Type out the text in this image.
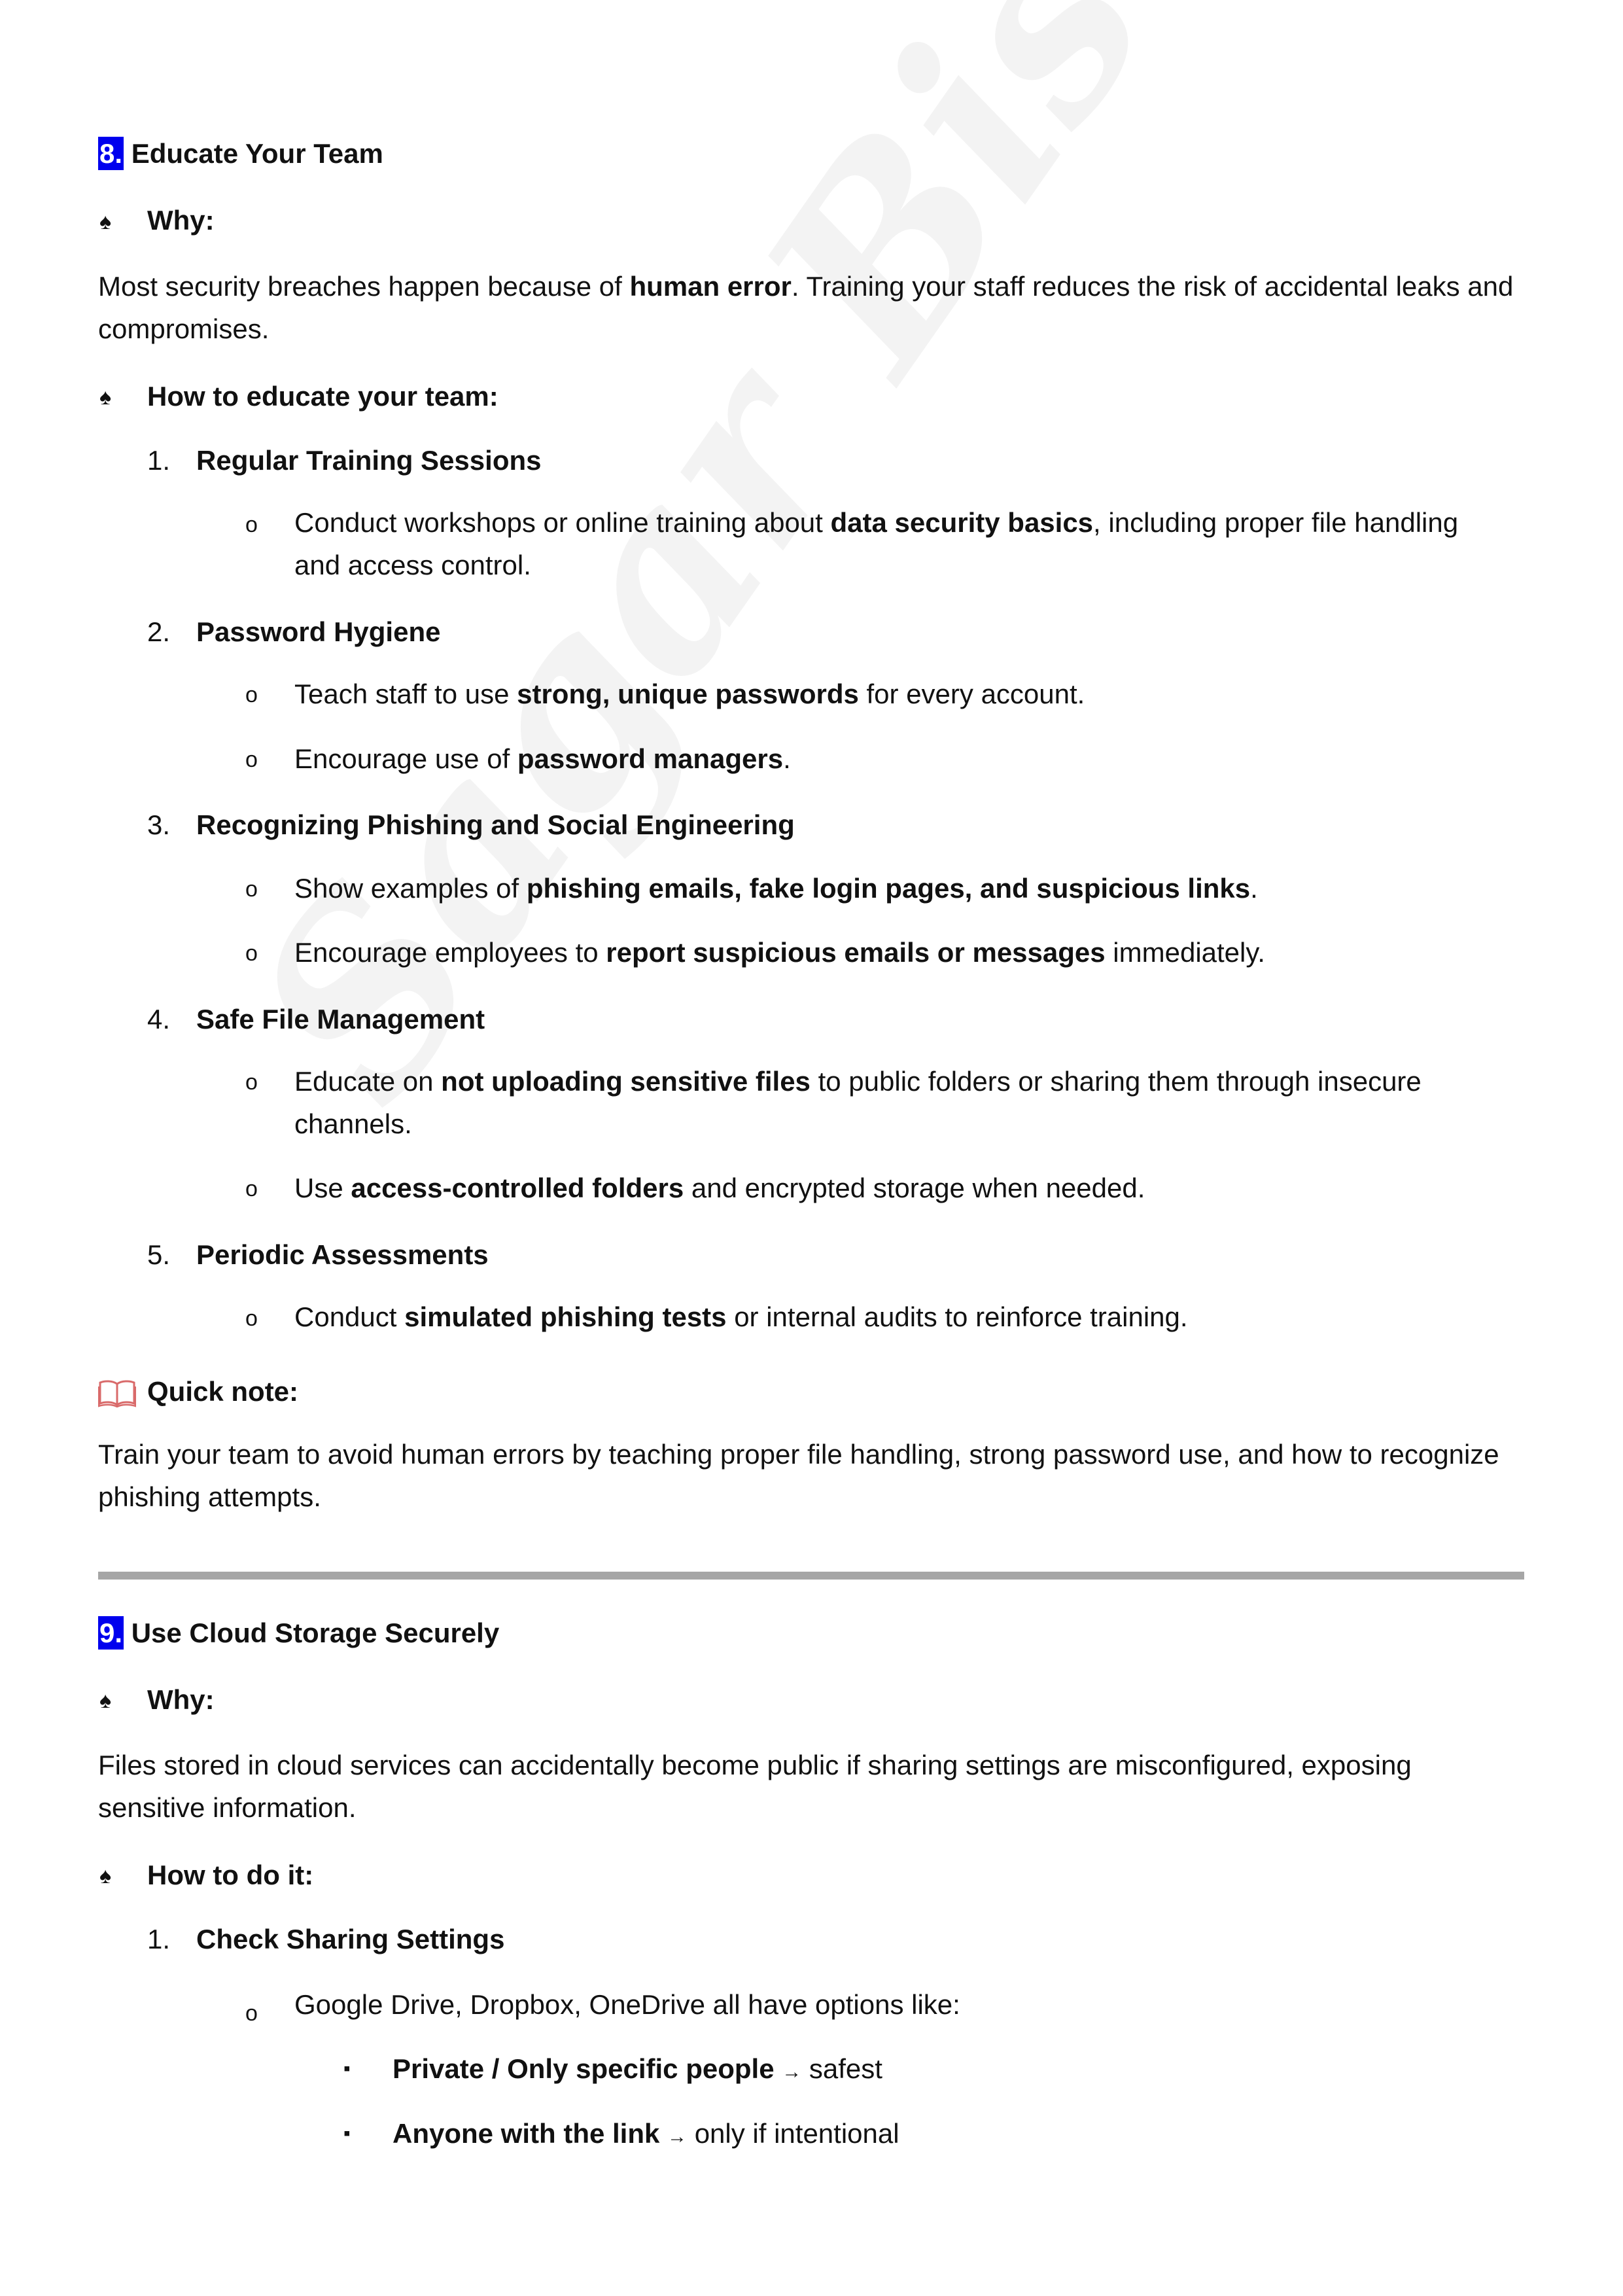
8. Educate Your Team
♠ Why:
Most security breaches happen because of human error. Training your staff reduces the risk of accidental leaks and compromises.
♠ How to educate your team:
1. Regular Training Sessions
o Conduct workshops or online training about data security basics, including proper file handling and access control.
2. Password Hygiene
o Teach staff to use strong, unique passwords for every account.
o Encourage use of password managers.
3. Recognizing Phishing and Social Engineering
o Show examples of phishing emails, fake login pages, and suspicious links.
o Encourage employees to report suspicious emails or messages immediately.
4. Safe File Management
o Educate on not uploading sensitive files to public folders or sharing them through insecure channels.
o Use access-controlled folders and encrypted storage when needed.
5. Periodic Assessments
o Conduct simulated phishing tests or internal audits to reinforce training.
Quick note:
Train your team to avoid human errors by teaching proper file handling, strong password use, and how to recognize phishing attempts.
9. Use Cloud Storage Securely
♠ Why:
Files stored in cloud services can accidentally become public if sharing settings are misconfigured, exposing sensitive information.
♠ How to do it:
1. Check Sharing Settings
o Google Drive, Dropbox, OneDrive all have options like:
▪ Private / Only specific people → safest
▪ Anyone with the link → only if intentional
